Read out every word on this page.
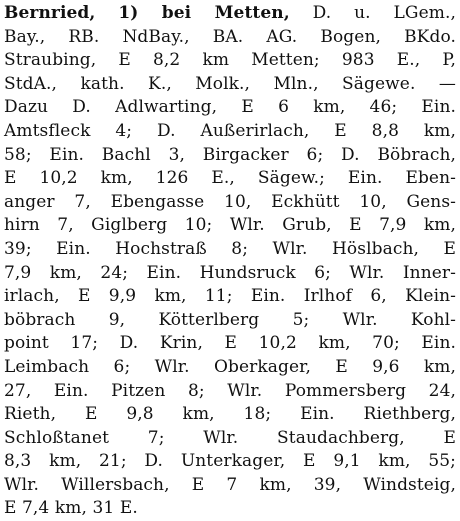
Bernried, 1) bei Metten, D. u. LGem.,
Bay., RB. NdBay., BA. AG. Bogen, BKdo.
Straubing, E 8,2 km Metten; 983 E., P,
StdA., kath. K., Molk., Mln., Sägewe. —
Dazu D. Adlwarting, E 6 km, 46; Ein.
Amtsfleck 4; D. Außerirlach, E 8,8 km,
58; Ein. Bachl 3, Birgacker 6; D. Böbrach,
E 10,2 km, 126 E., Sägew.; Ein. Eben-
anger 7, Ebengasse 10, Eckhütt 10, Gens-
hirn 7, Giglberg 10; Wlr. Grub, E 7,9 km,
39; Ein. Hochstraß 8; Wlr. Höslbach, E
7,9 km, 24; Ein. Hundsruck 6; Wlr. Inner-
irlach, E 9,9 km, 11; Ein. Irlhof 6, Klein-
böbrach 9, Kötterlberg 5; Wlr. Kohl-
point 17; D. Krin, E 10,2 km, 70; Ein.
Leimbach 6; Wlr. Oberkager, E 9,6 km,
27, Ein. Pitzen 8; Wlr. Pommersberg 24,
Rieth, E 9,8 km, 18; Ein. Riethberg,
Schloßtanet 7; Wlr. Staudachberg, E
8,3 km, 21; D. Unterkager, E 9,1 km, 55;
Wlr. Willersbach, E 7 km, 39, Windsteig,
E 7,4 km, 31 E.
